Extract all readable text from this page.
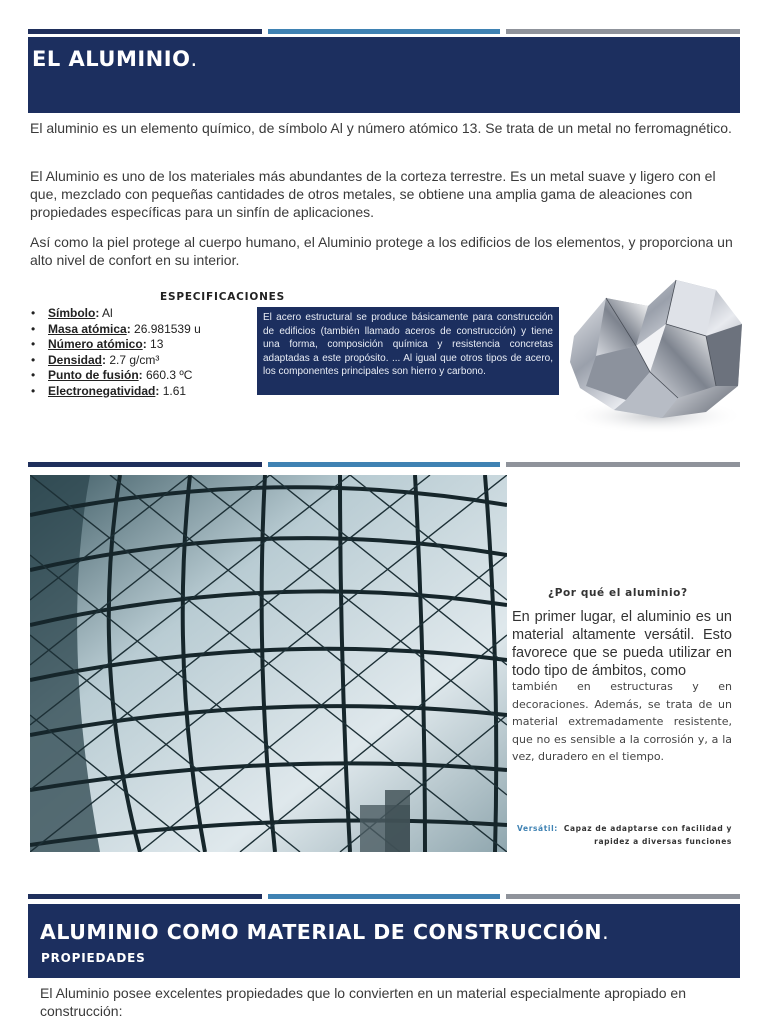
EL ALUMINIO.
El aluminio es un elemento químico, de símbolo Al y número atómico 13. Se trata de un metal no ferromagnético.
El Aluminio es uno de los materiales más abundantes de la corteza terrestre. Es un metal suave y ligero con el que, mezclado con pequeñas cantidades de otros metales, se obtiene una amplia gama de aleaciones con propiedades específicas para un sinfín de aplicaciones.
Así como la piel protege al cuerpo humano, el Aluminio protege a los edificios de los elementos, y proporciona un alto nivel de confort en su interior.
ESPECIFICACIONES
• Símbolo: Al
• Masa atómica: 26.981539 u
• Número atómico: 13
• Densidad: 2.7 g/cm³
• Punto de fusión: 660.3 ºC
• Electronegatividad: 1.61
El acero estructural se produce básicamente para construcción de edificios (también llamado aceros de construcción) y tiene una forma, composición química y resistencia concretas adaptadas a este propósito. ... Al igual que otros tipos de acero, los componentes principales son hierro y carbono.
¿Por qué el aluminio?
En primer lugar, el aluminio es un material altamente versátil. Esto favorece que se pueda utilizar en todo tipo de ámbitos, como
también en estructuras y en decoraciones. Además, se trata de un material extremadamente resistente, que no es sensible a la corrosión y, a la vez, duradero en el tiempo.
Versátil: Capaz de adaptarse con facilidad y rapidez a diversas funciones
ALUMINIO COMO MATERIAL DE CONSTRUCCIÓN.
PROPIEDADES
El Aluminio posee excelentes propiedades que lo convierten en un material especialmente apropiado en construcción:
